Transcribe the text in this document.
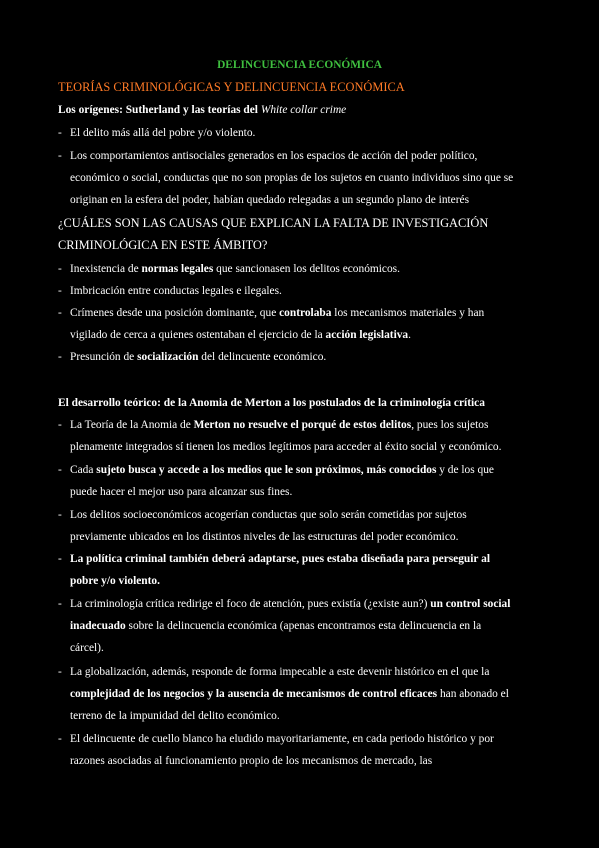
DELINCUENCIA ECONÓMICA
TEORÍAS CRIMINOLÓGICAS Y DELINCUENCIA ECONÓMICA
Los orígenes: Sutherland y las teorías del White collar crime
- El delito más allá del pobre y/o violento.
- Los comportamientos antisociales generados en los espacios de acción del poder político,
económico o social, conductas que no son propias de los sujetos en cuanto individuos sino que se
originan en la esfera del poder, habían quedado relegadas a un segundo plano de interés
¿CUÁLES SON LAS CAUSAS QUE EXPLICAN LA FALTA DE INVESTIGACIÓN
CRIMINOLÓGICA EN ESTE ÁMBITO?
- Inexistencia de normas legales que sancionasen los delitos económicos.
- Imbricación entre conductas legales e ilegales.
- Crímenes desde una posición dominante, que controlaba los mecanismos materiales y han
vigilado de cerca a quienes ostentaban el ejercicio de la acción legislativa.
- Presunción de socialización del delincuente económico.
El desarrollo teórico: de la Anomia de Merton a los postulados de la criminología crítica
- La Teoría de la Anomia de Merton no resuelve el porqué de estos delitos, pues los sujetos
plenamente integrados sí tienen los medios legítimos para acceder al éxito social y económico.
- Cada sujeto busca y accede a los medios que le son próximos, más conocidos y de los que
puede hacer el mejor uso para alcanzar sus fines.
- Los delitos socioeconómicos acogerían conductas que solo serán cometidas por sujetos
previamente ubicados en los distintos niveles de las estructuras del poder económico.
- La política criminal también deberá adaptarse, pues estaba diseñada para perseguir al
pobre y/o violento.
- La criminología crítica redirige el foco de atención, pues existía (¿existe aun?) un control social
inadecuado sobre la delincuencia económica (apenas encontramos esta delincuencia en la
cárcel).
- La globalización, además, responde de forma impecable a este devenir histórico en el que la
complejidad de los negocios y la ausencia de mecanismos de control eficaces han abonado el
terreno de la impunidad del delito económico.
- El delincuente de cuello blanco ha eludido mayoritariamente, en cada periodo histórico y por
razones asociadas al funcionamiento propio de los mecanismos de mercado, las
